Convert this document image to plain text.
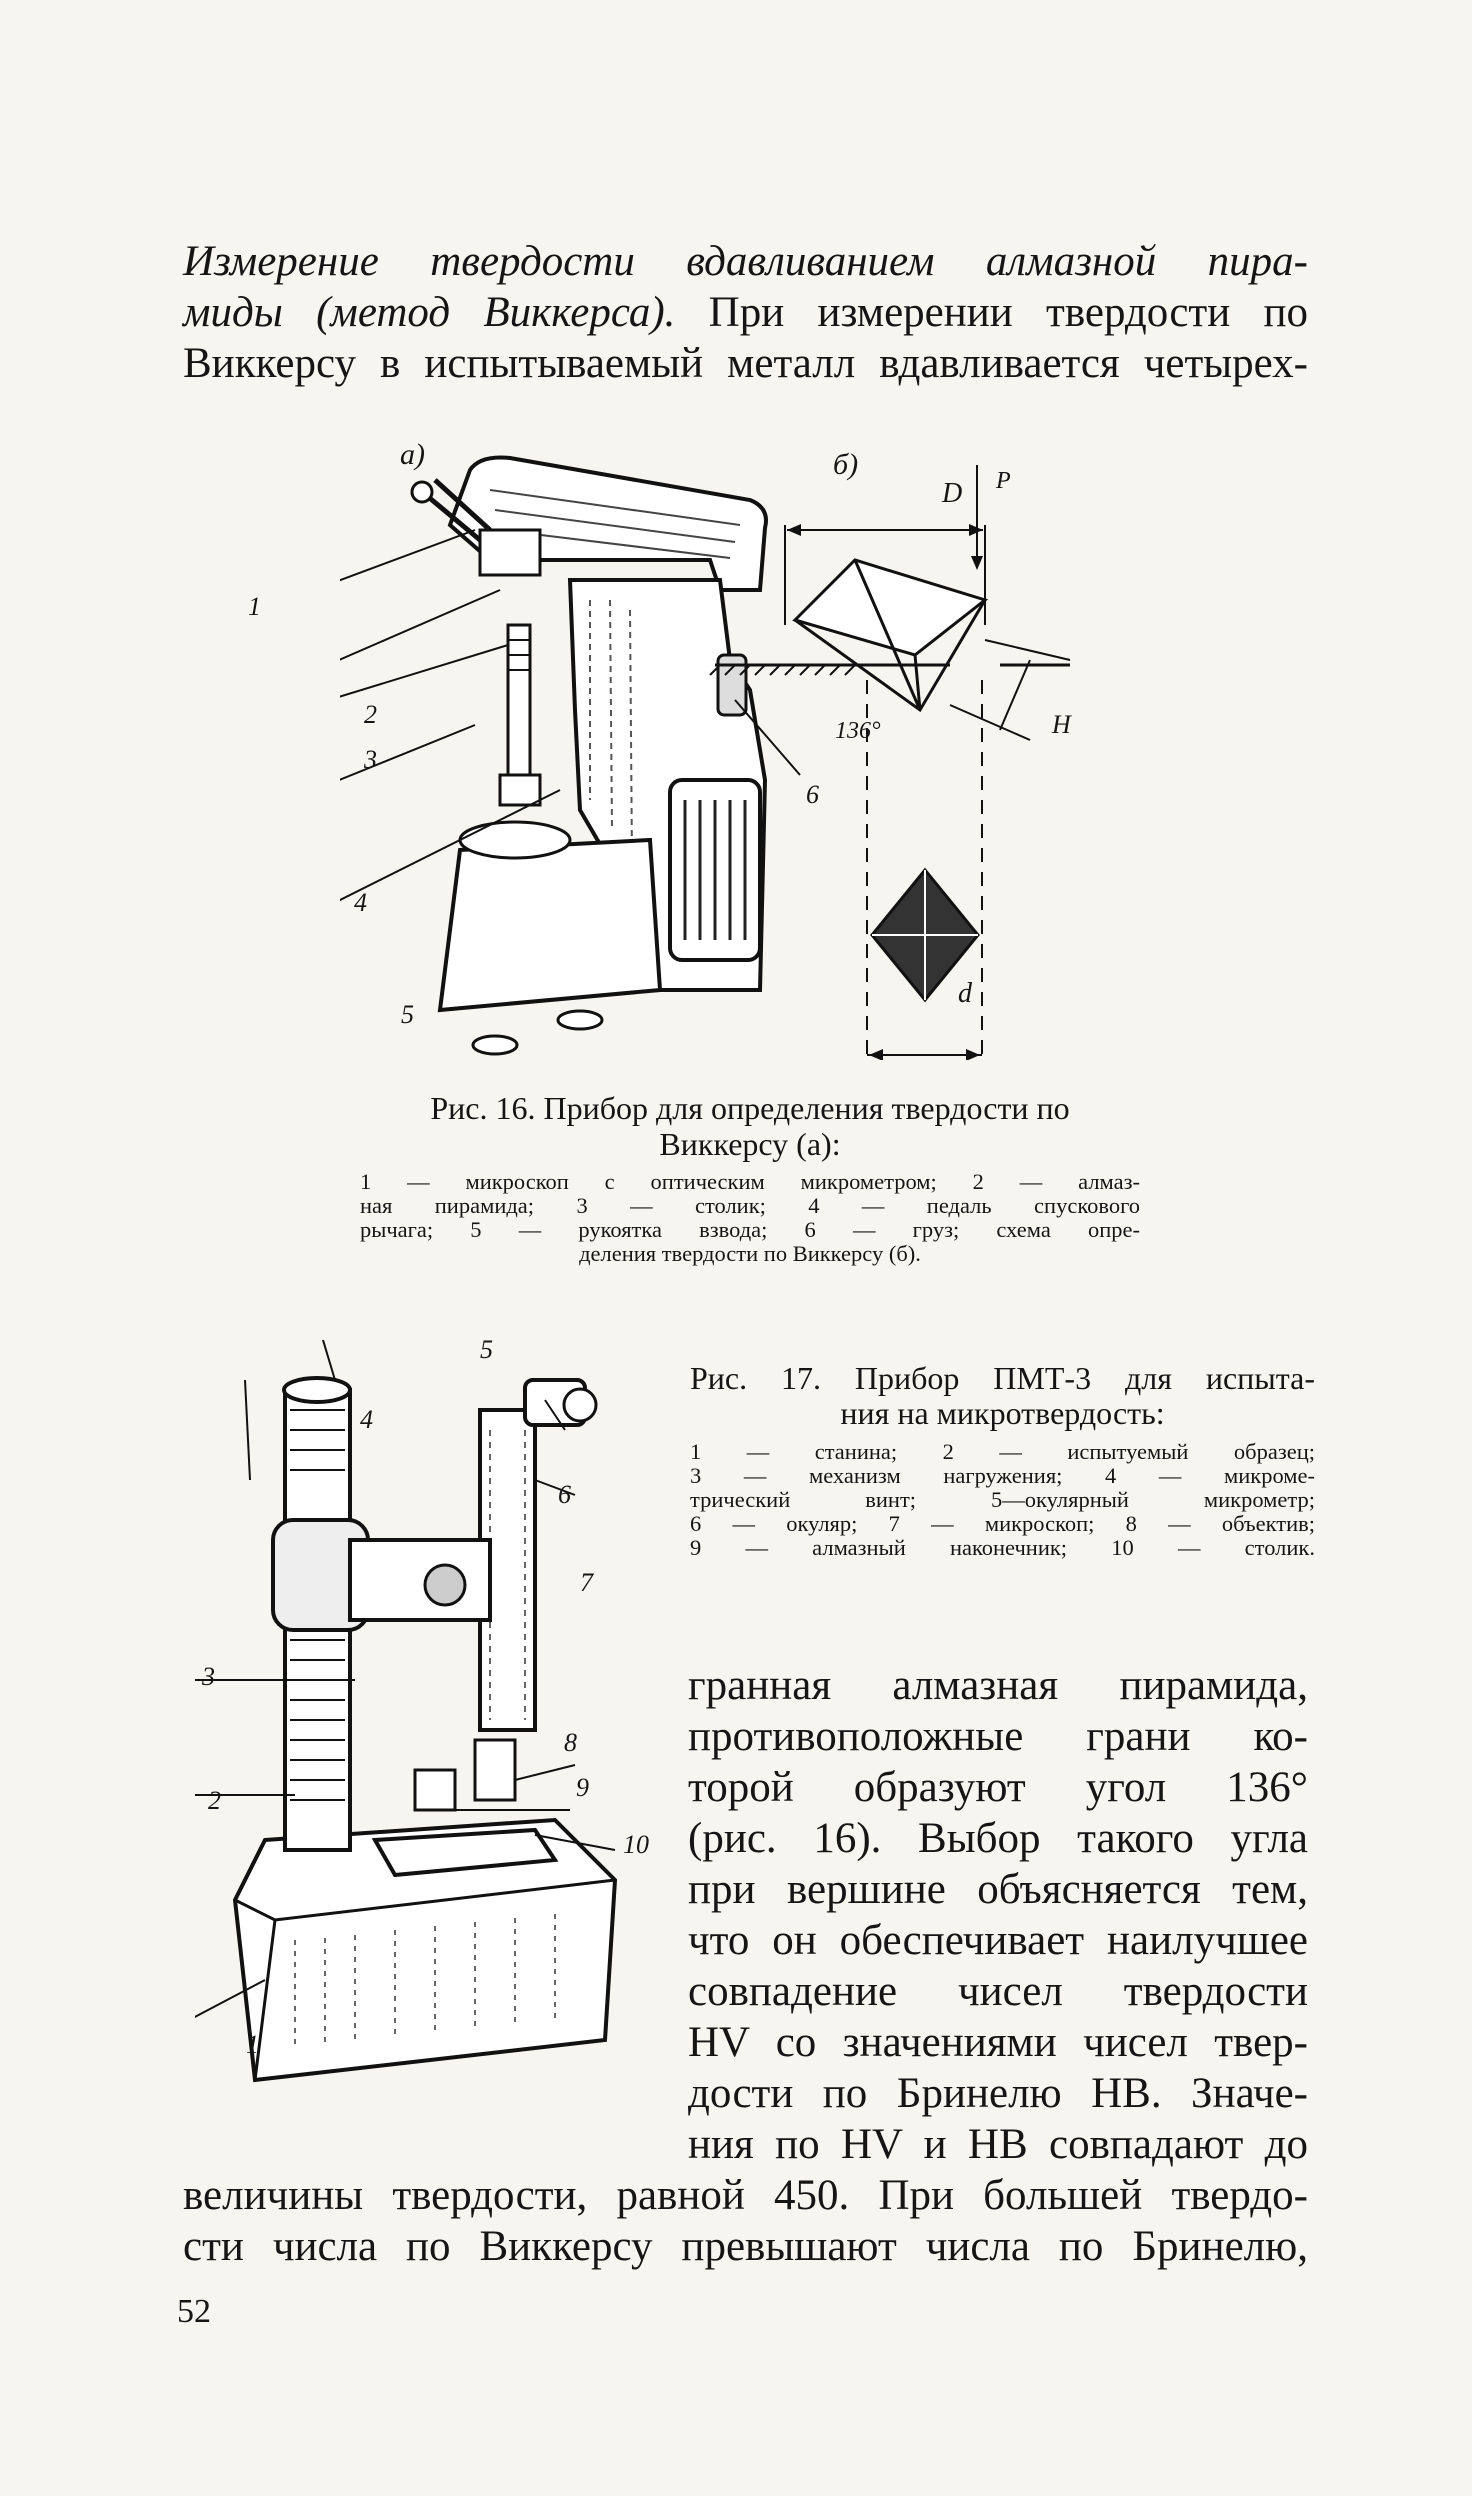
Измерение твердости вдавливанием алмазной пира-
миды (метод Виккерса). При измерении твердости по
Виккерсу в испытываемый металл вдавливается четырех-
а)	б)
1
2
3
4
5
6
D P
136°	H
d
Рис. 16. Прибор для определения твердости по
Виккерсу (а):
1 — микроскоп с оптическим микрометром; 2 — алмаз-
ная пирамида; 3 — столик; 4 — педаль спускового
рычага; 5 — рукоятка взвода; 6 — груз; схема опре-
деления твердости по Виккерсу (б).
1
2
3
4
5
6
7
8
9
10
Рис. 17. Прибор ПМТ-3 для испыта-
ния на микротвердость:
1 — станина; 2 — испытуемый образец;
3 — механизм нагружения; 4 — микроме-
трический винт; 5—окулярный микрометр;
6 — окуляр; 7 — микроскоп; 8 — объектив;
9 — алмазный наконечник; 10 — столик.
гранная алмазная пирамида,
противоположные грани ко-
торой образуют угол 136°
(рис. 16). Выбор такого угла
при вершине объясняется тем,
что он обеспечивает наилучшее
совпадение чисел твердости
HV со значениями чисел твер-
дости по Бринелю HB. Значе-
ния по HV и HB совпадают до
величины твердости, равной 450. При большей твердо-
сти числа по Виккерсу превышают числа по Бринелю,
52
